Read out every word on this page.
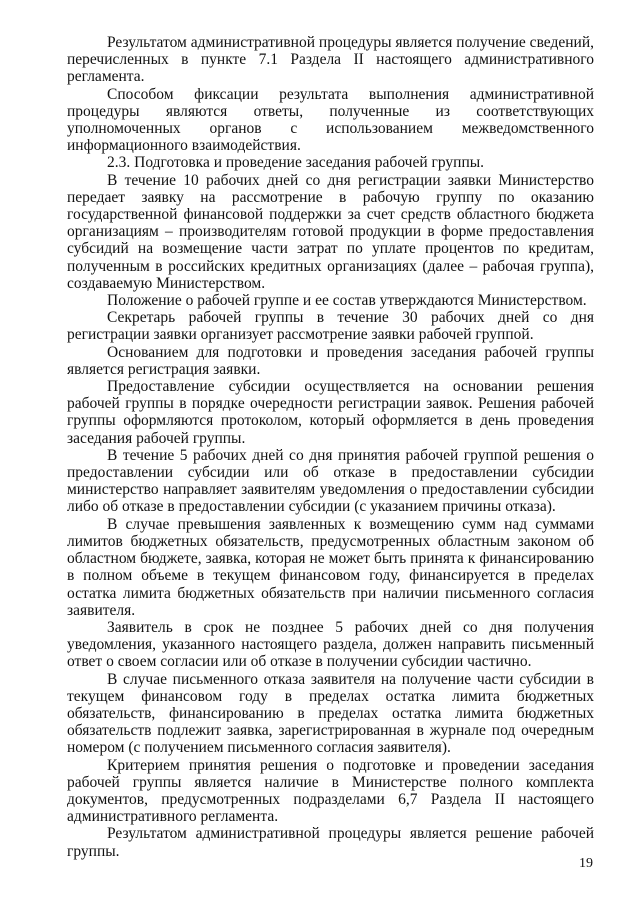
Результатом административной процедуры является получение сведений, перечисленных в пункте 7.1 Раздела II настоящего административного регламента.

Способом фиксации результата выполнения административной процедуры являются ответы, полученные из соответствующих уполномоченных органов с использованием межведомственного информационного взаимодействия.

2.3. Подготовка и проведение заседания рабочей группы.

В течение 10 рабочих дней со дня регистрации заявки Министерство передает заявку на рассмотрение в рабочую группу по оказанию государственной финансовой поддержки за счет средств областного бюджета организациям – производителям готовой продукции в форме предоставления субсидий на возмещение части затрат по уплате процентов по кредитам, полученным в российских кредитных организациях (далее – рабочая группа), создаваемую Министерством.

Положение о рабочей группе и ее состав утверждаются Министерством.

Секретарь рабочей группы в течение 30 рабочих дней со дня регистрации заявки организует рассмотрение заявки рабочей группой.

Основанием для подготовки и проведения заседания рабочей группы является регистрация заявки.

Предоставление субсидии осуществляется на основании решения рабочей группы в порядке очередности регистрации заявок. Решения рабочей группы оформляются протоколом, который оформляется в день проведения заседания рабочей группы.

В течение 5 рабочих дней со дня принятия рабочей группой решения о предоставлении субсидии или об отказе в предоставлении субсидии министерство направляет заявителям уведомления о предоставлении субсидии либо об отказе в предоставлении субсидии (с указанием причины отказа).

В случае превышения заявленных к возмещению сумм над суммами лимитов бюджетных обязательств, предусмотренных областным законом об областном бюджете, заявка, которая не может быть принята к финансированию в полном объеме в текущем финансовом году, финансируется в пределах остатка лимита бюджетных обязательств при наличии письменного согласия заявителя.

Заявитель в срок не позднее 5 рабочих дней со дня получения уведомления, указанного настоящего раздела, должен направить письменный ответ о своем согласии или об отказе в получении субсидии частично.

В случае письменного отказа заявителя на получение части субсидии в текущем финансовом году в пределах остатка лимита бюджетных обязательств, финансированию в пределах остатка лимита бюджетных обязательств подлежит заявка, зарегистрированная в журнале под очередным номером (с получением письменного согласия заявителя).

Критерием принятия решения о подготовке и проведении заседания рабочей группы является наличие в Министерстве полного комплекта документов, предусмотренных подразделами 6,7 Раздела II настоящего административного регламента.

Результатом административной процедуры является решение рабочей группы.

19
